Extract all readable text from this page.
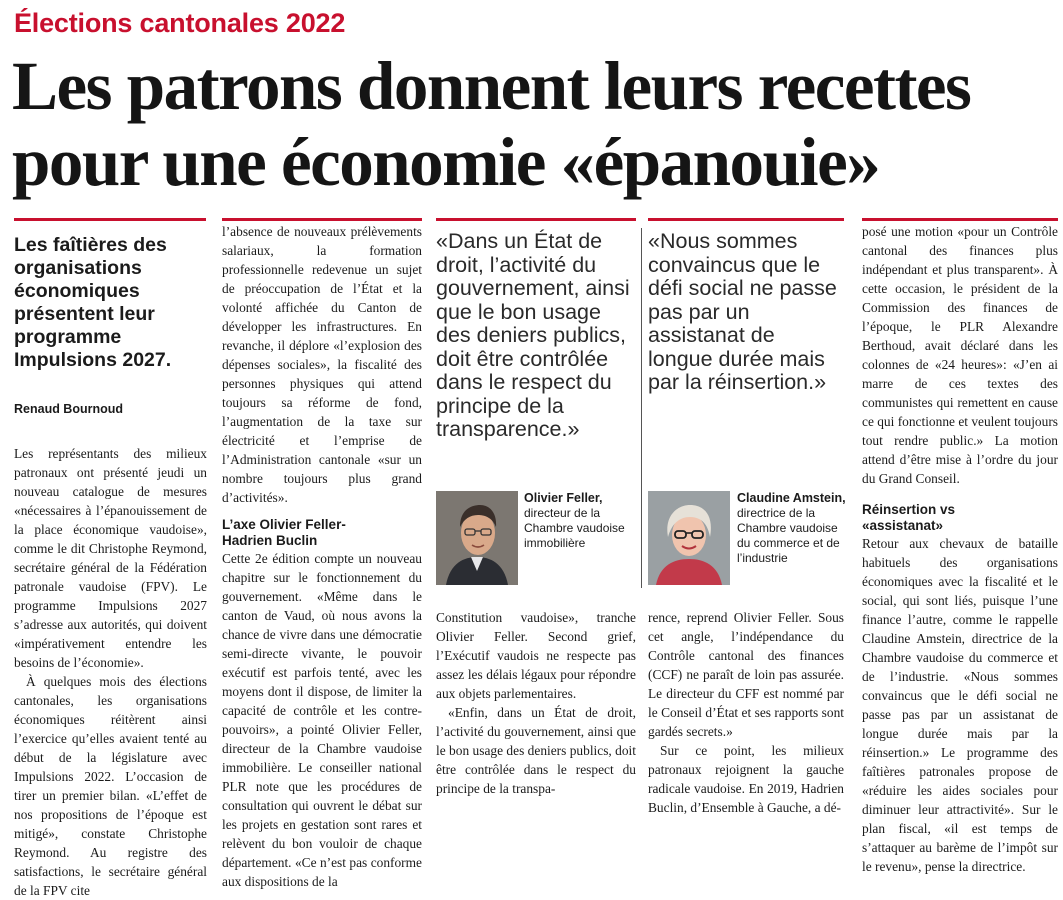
Élections cantonales 2022
Les patrons donnent leurs recettes
pour une économie «épanouie»

Les faîtières des organisations économiques présentent leur programme Impulsions 2027.

Renaud Bournoud

Les représentants des milieux patronaux ont présenté jeudi un nouveau catalogue de mesures «nécessaires à l’épanouissement de la place économique vaudoise», comme le dit Christophe Reymond, secrétaire général de la Fédération patronale vaudoise (FPV). Le programme Impulsions 2027 s’adresse aux autorités, qui doivent «impérativement entendre les besoins de l’économie».

À quelques mois des élections cantonales, les organisations économiques réitèrent ainsi l’exercice qu’elles avaient tenté au début de la législature avec Impulsions 2022. L’occasion de tirer un premier bilan. «L’effet de nos propositions de l’époque est mitigé», constate Christophe Reymond. Au registre des satisfactions, le secrétaire général de la FPV cite

l’absence de nouveaux prélèvements salariaux, la formation professionnelle redevenue un sujet de préoccupation de l’État et la volonté affichée du Canton de développer les infrastructures. En revanche, il déplore «l’explosion des dépenses sociales», la fiscalité des personnes physiques qui attend toujours sa réforme de fond, l’augmentation de la taxe sur électricité et l’emprise de l’Administration cantonale «sur un nombre toujours plus grand d’activités».

L’axe Olivier Feller-Hadrien Buclin

Cette 2e édition compte un nouveau chapitre sur le fonctionnement du gouvernement. «Même dans le canton de Vaud, où nous avons la chance de vivre dans une démocratie semi-directe vivante, le pouvoir exécutif est parfois tenté, avec les moyens dont il dispose, de limiter la capacité de contrôle et les contre-pouvoirs», a pointé Olivier Feller, directeur de la Chambre vaudoise immobilière. Le conseiller national PLR note que les procédures de consultation qui ouvrent le débat sur les projets en gestation sont rares et relèvent du bon vouloir de chaque département. «Ce n’est pas conforme aux dispositions de la

«Dans un État de droit, l’activité du gouvernement, ainsi que le bon usage des deniers publics, doit être contrôlée dans le respect du principe de la transparence.»

«Nous sommes convaincus que le défi social ne passe pas par un assistanat de longue durée mais par la réinsertion.»

Olivier Feller,
directeur de la Chambre vaudoise immobilière
Claudine Amstein,
directrice de la Chambre vaudoise du commerce et de l’industrie

Constitution vaudoise», tranche Olivier Feller. Second grief, l’Exécutif vaudois ne respecte pas assez les délais légaux pour répondre aux objets parlementaires.

«Enfin, dans un État de droit, l’activité du gouvernement, ainsi que le bon usage des deniers publics, doit être contrôlée dans le respect du principe de la transpa-

rence, reprend Olivier Feller. Sous cet angle, l’indépendance du Contrôle cantonal des finances (CCF) ne paraît de loin pas assurée. Le directeur du CFF est nommé par le Conseil d’État et ses rapports sont gardés secrets.»

Sur ce point, les milieux patronaux rejoignent la gauche radicale vaudoise. En 2019, Hadrien Buclin, d’Ensemble à Gauche, a dé-

posé une motion «pour un Contrôle cantonal des finances plus indépendant et plus transparent». À cette occasion, le président de la Commission des finances de l’époque, le PLR Alexandre Berthoud, avait déclaré dans les colonnes de «24 heures»: «J’en ai marre de ces textes des communistes qui remettent en cause ce qui fonctionne et veulent toujours tout rendre public.» La motion attend d’être mise à l’ordre du jour du Grand Conseil.

Réinsertion vs «assistanat»

Retour aux chevaux de bataille habituels des organisations économiques avec la fiscalité et le social, qui sont liés, puisque l’une finance l’autre, comme le rappelle Claudine Amstein, directrice de la Chambre vaudoise du commerce et de l’industrie. «Nous sommes convaincus que le défi social ne passe pas par un assistanat de longue durée mais par la réinsertion.» Le programme des faîtières patronales propose de «réduire les aides sociales pour diminuer leur attractivité». Sur le plan fiscal, «il est temps de s’attaquer au barème de l’impôt sur le revenu», pense la directrice.
